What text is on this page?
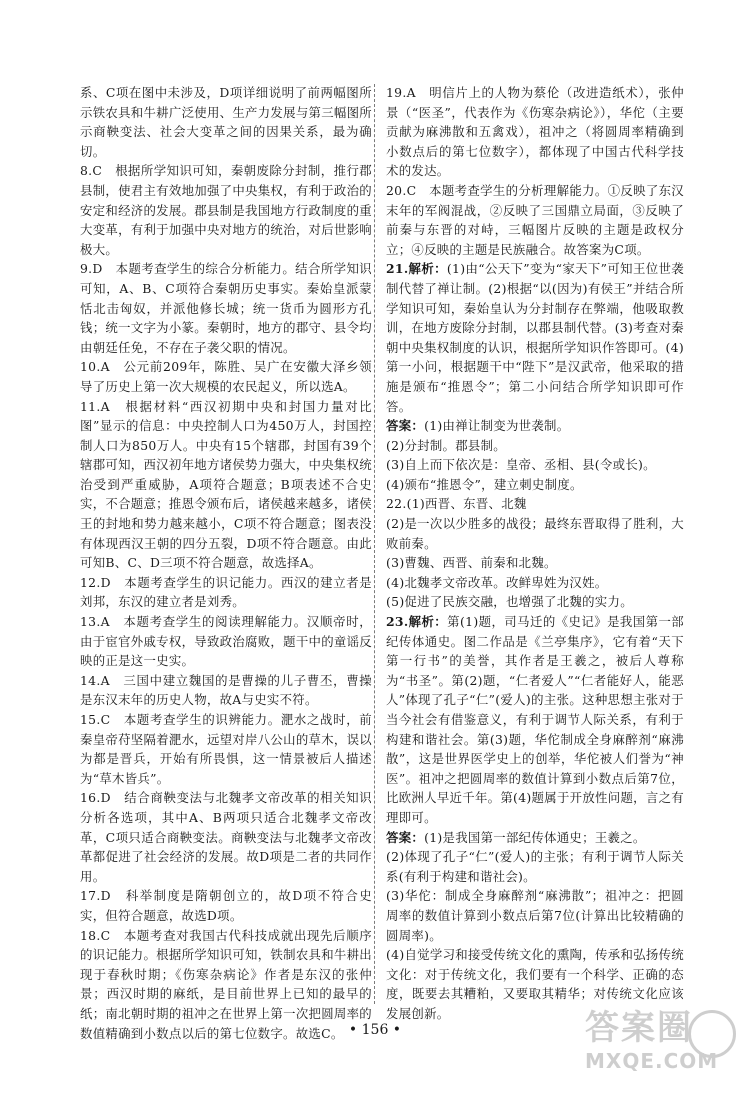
系、C项在图中未涉及，D项详细说明了前两幅图所示铁农具和牛耕广泛使用、生产力发展与第三幅图所示商鞅变法、社会大变革之间的因果关系，最为确切。

8.C　根据所学知识可知，秦朝废除分封制，推行郡县制，使君主有效地加强了中央集权，有利于政治的安定和经济的发展。郡县制是我国地方行政制度的重大变革，有利于加强中央对地方的统治，对后世影响极大。

9.D　本题考查学生的综合分析能力。结合所学知识可知，A、B、C项符合秦朝历史事实。秦始皇派蒙恬北击匈奴，并派他修长城；统一货币为圆形方孔钱；统一文字为小篆。秦朝时，地方的郡守、县令均由朝廷任免，不存在子袭父职的情况。

10.A　公元前209年，陈胜、吴广在安徽大泽乡领导了历史上第一次大规模的农民起义，所以选A。

11.A　根据材料“西汉初期中央和封国力量对比图”显示的信息：中央控制人口为450万人，封国控制人口为850万人。中央有15个辖郡，封国有39个辖郡可知，西汉初年地方诸侯势力强大，中央集权统治受到严重威胁，A项符合题意；B项表述不合史实，不合题意；推恩令颁布后，诸侯越来越多，诸侯王的封地和势力越来越小，C项不符合题意；图表没有体现西汉王朝的四分五裂，D项不符合题意。由此可知B、C、D三项不符合题意，故选择A。

12.D　本题考查学生的识记能力。西汉的建立者是刘邦，东汉的建立者是刘秀。

13.A　本题考查学生的阅读理解能力。汉顺帝时，由于宦官外戚专权，导致政治腐败，题干中的童谣反映的正是这一史实。

14.A　三国中建立魏国的是曹操的儿子曹丕，曹操是东汉末年的历史人物，故A与史实不符。

15.C　本题考查学生的识辨能力。淝水之战时，前秦皇帝苻坚隔着淝水，远望对岸八公山的草木，误以为都是晋兵，开始有所畏惧，这一情景被后人描述为“草木皆兵”。

16.D　结合商鞅变法与北魏孝文帝改革的相关知识分析各选项，其中A、B两项只适合北魏孝文帝改革，C项只适合商鞅变法。商鞅变法与北魏孝文帝改革都促进了社会经济的发展。故D项是二者的共同作用。

17.D　科举制度是隋朝创立的，故D项不符合史实，但符合题意，故选D项。

18.C　本题考查对我国古代科技成就出现先后顺序的识记能力。根据所学知识可知，铁制农具和牛耕出现于春秋时期；《伤寒杂病论》作者是东汉的张仲景；西汉时期的麻纸，是目前世界上已知的最早的纸；南北朝时期的祖冲之在世界上第一次把圆周率的数值精确到小数点以后的第七位数字。故选C。

19.A　明信片上的人物为蔡伦（改进造纸术），张仲景（“医圣”，代表作为《伤寒杂病论》），华佗（主要贡献为麻沸散和五禽戏），祖冲之（将圆周率精确到小数点后的第七位数字），都体现了中国古代科学技术的发达。

20.C　本题考查学生的分析理解能力。①反映了东汉末年的军阀混战，②反映了三国鼎立局面，③反映了前秦与东晋的对峙，三幅图片反映的主题是政权分立；④反映的主题是民族融合。故答案为C项。

21.解析：(1)由“公天下”变为“家天下”可知王位世袭制代替了禅让制。(2)根据“以(因为)有侯王”并结合所学知识可知，秦始皇认为分封制存在弊端，他吸取教训，在地方废除分封制，以郡县制代替。(3)考查对秦朝中央集权制度的认识，根据所学知识作答即可。(4)第一小问，根据题干中“陛下”是汉武帝，他采取的措施是颁布“推恩令”；第二小问结合所学知识即可作答。

答案：(1)由禅让制变为世袭制。

(2)分封制。郡县制。

(3)自上而下依次是：皇帝、丞相、县(令或长)。

(4)颁布“推恩令”，建立刺史制度。

22.(1)西晋、东晋、北魏

(2)是一次以少胜多的战役；最终东晋取得了胜利，大败前秦。

(3)曹魏、西晋、前秦和北魏。

(4)北魏孝文帝改革。改鲜卑姓为汉姓。

(5)促进了民族交融，也增强了北魏的实力。

23.解析：第(1)题，司马迁的《史记》是我国第一部纪传体通史。图二作品是《兰亭集序》，它有着“天下第一行书”的美誉，其作者是王羲之，被后人尊称为“书圣”。第(2)题，“仁者爱人”“仁者能好人，能恶人”体现了孔子“仁”(爱人)的主张。这种思想主张对于当今社会有借鉴意义，有利于调节人际关系，有利于构建和谐社会。第(3)题，华佗制成全身麻醉剂“麻沸散”，这是世界医学史上的创举，华佗被人们誉为“神医”。祖冲之把圆周率的数值计算到小数点后第7位，比欧洲人早近千年。第(4)题属于开放性问题，言之有理即可。

答案：(1)是我国第一部纪传体通史；王羲之。

(2)体现了孔子“仁”(爱人)的主张；有利于调节人际关系(有利于构建和谐社会)。

(3)华佗：制成全身麻醉剂“麻沸散”；祖冲之：把圆周率的数值计算到小数点后第7位(计算出比较精确的圆周率)。

(4)自觉学习和接受传统文化的熏陶，传承和弘扬传统文化：对于传统文化，我们要有一个科学、正确的态度，既要去其糟粕，又要取其精华；对传统文化应该发展创新。

• 156 •	答案圈
MXQE.COM
